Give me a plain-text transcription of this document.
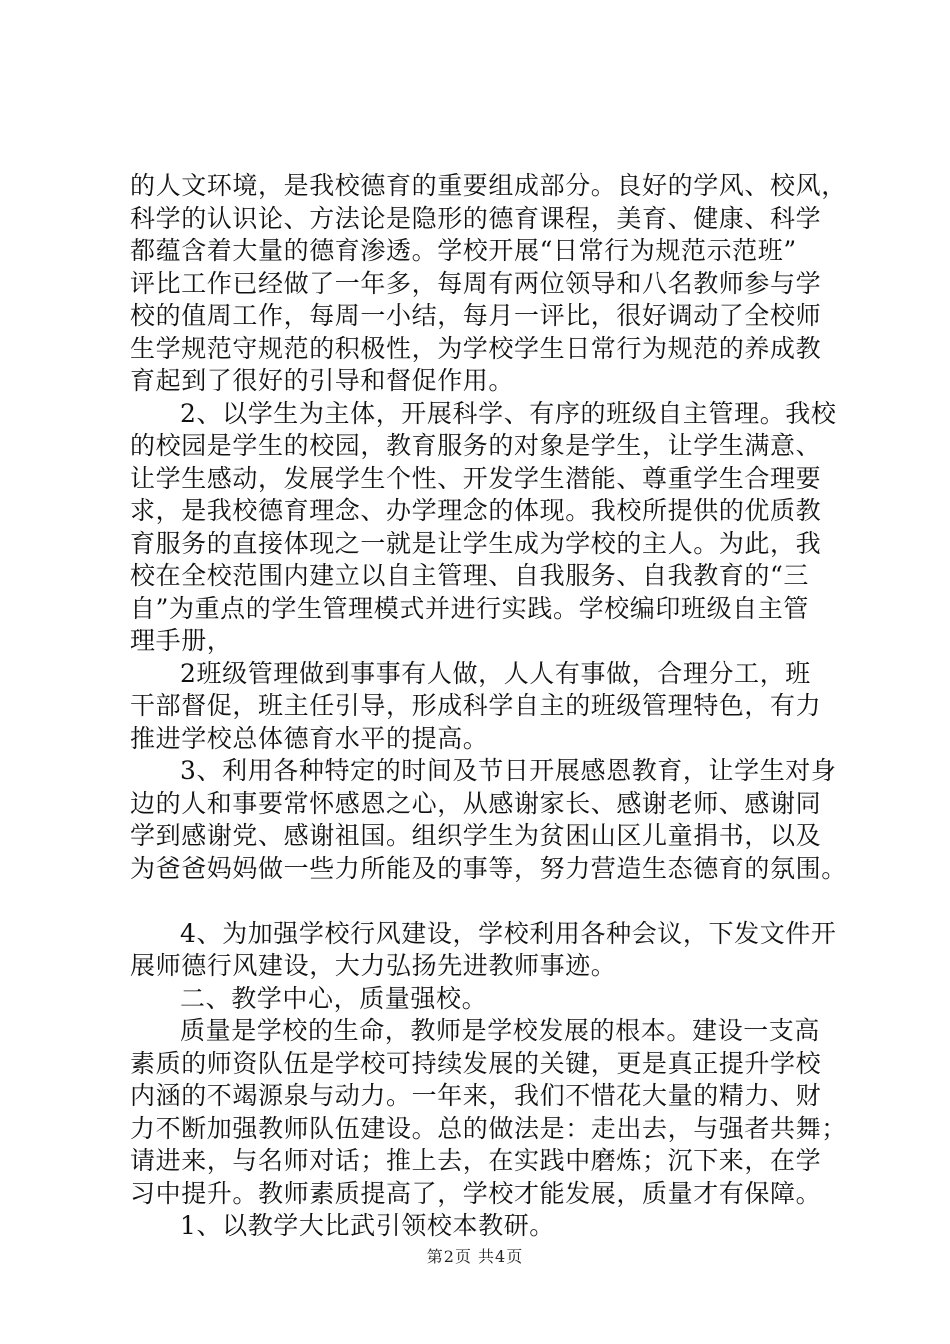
的人文环境，是我校德育的重要组成部分。良好的学风、校风，
科学的认识论、方法论是隐形的德育课程，美育、健康、科学
都蕴含着大量的德育渗透。学校开展“日常行为规范示范班”
评比工作已经做了一年多，每周有两位领导和八名教师参与学
校的值周工作，每周一小结，每月一评比，很好调动了全校师
生学规范守规范的积极性，为学校学生日常行为规范的养成教
育起到了很好的引导和督促作用。
2、以学生为主体，开展科学、有序的班级自主管理。我校
的校园是学生的校园，教育服务的对象是学生，让学生满意、
让学生感动，发展学生个性、开发学生潜能、尊重学生合理要
求，是我校德育理念、办学理念的体现。我校所提供的优质教
育服务的直接体现之一就是让学生成为学校的主人。为此，我
校在全校范围内建立以自主管理、自我服务、自我教育的“三
自”为重点的学生管理模式并进行实践。学校编印班级自主管
理手册，
2班级管理做到事事有人做，人人有事做，合理分工，班
干部督促，班主任引导，形成科学自主的班级管理特色，有力
推进学校总体德育水平的提高。
3、利用各种特定的时间及节日开展感恩教育，让学生对身
边的人和事要常怀感恩之心，从感谢家长、感谢老师、感谢同
学到感谢党、感谢祖国。组织学生为贫困山区儿童捐书，以及
为爸爸妈妈做一些力所能及的事等，努力营造生态德育的氛围。
4、为加强学校行风建设，学校利用各种会议，下发文件开
展师德行风建设，大力弘扬先进教师事迹。
二、教学中心，质量强校。
质量是学校的生命，教师是学校发展的根本。建设一支高
素质的师资队伍是学校可持续发展的关键，更是真正提升学校
内涵的不竭源泉与动力。一年来，我们不惜花大量的精力、财
力不断加强教师队伍建设。总的做法是：走出去，与强者共舞；
请进来，与名师对话；推上去，在实践中磨炼；沉下来，在学
习中提升。教师素质提高了，学校才能发展，质量才有保障。
1、以教学大比武引领校本教研。
第2页 共4页
